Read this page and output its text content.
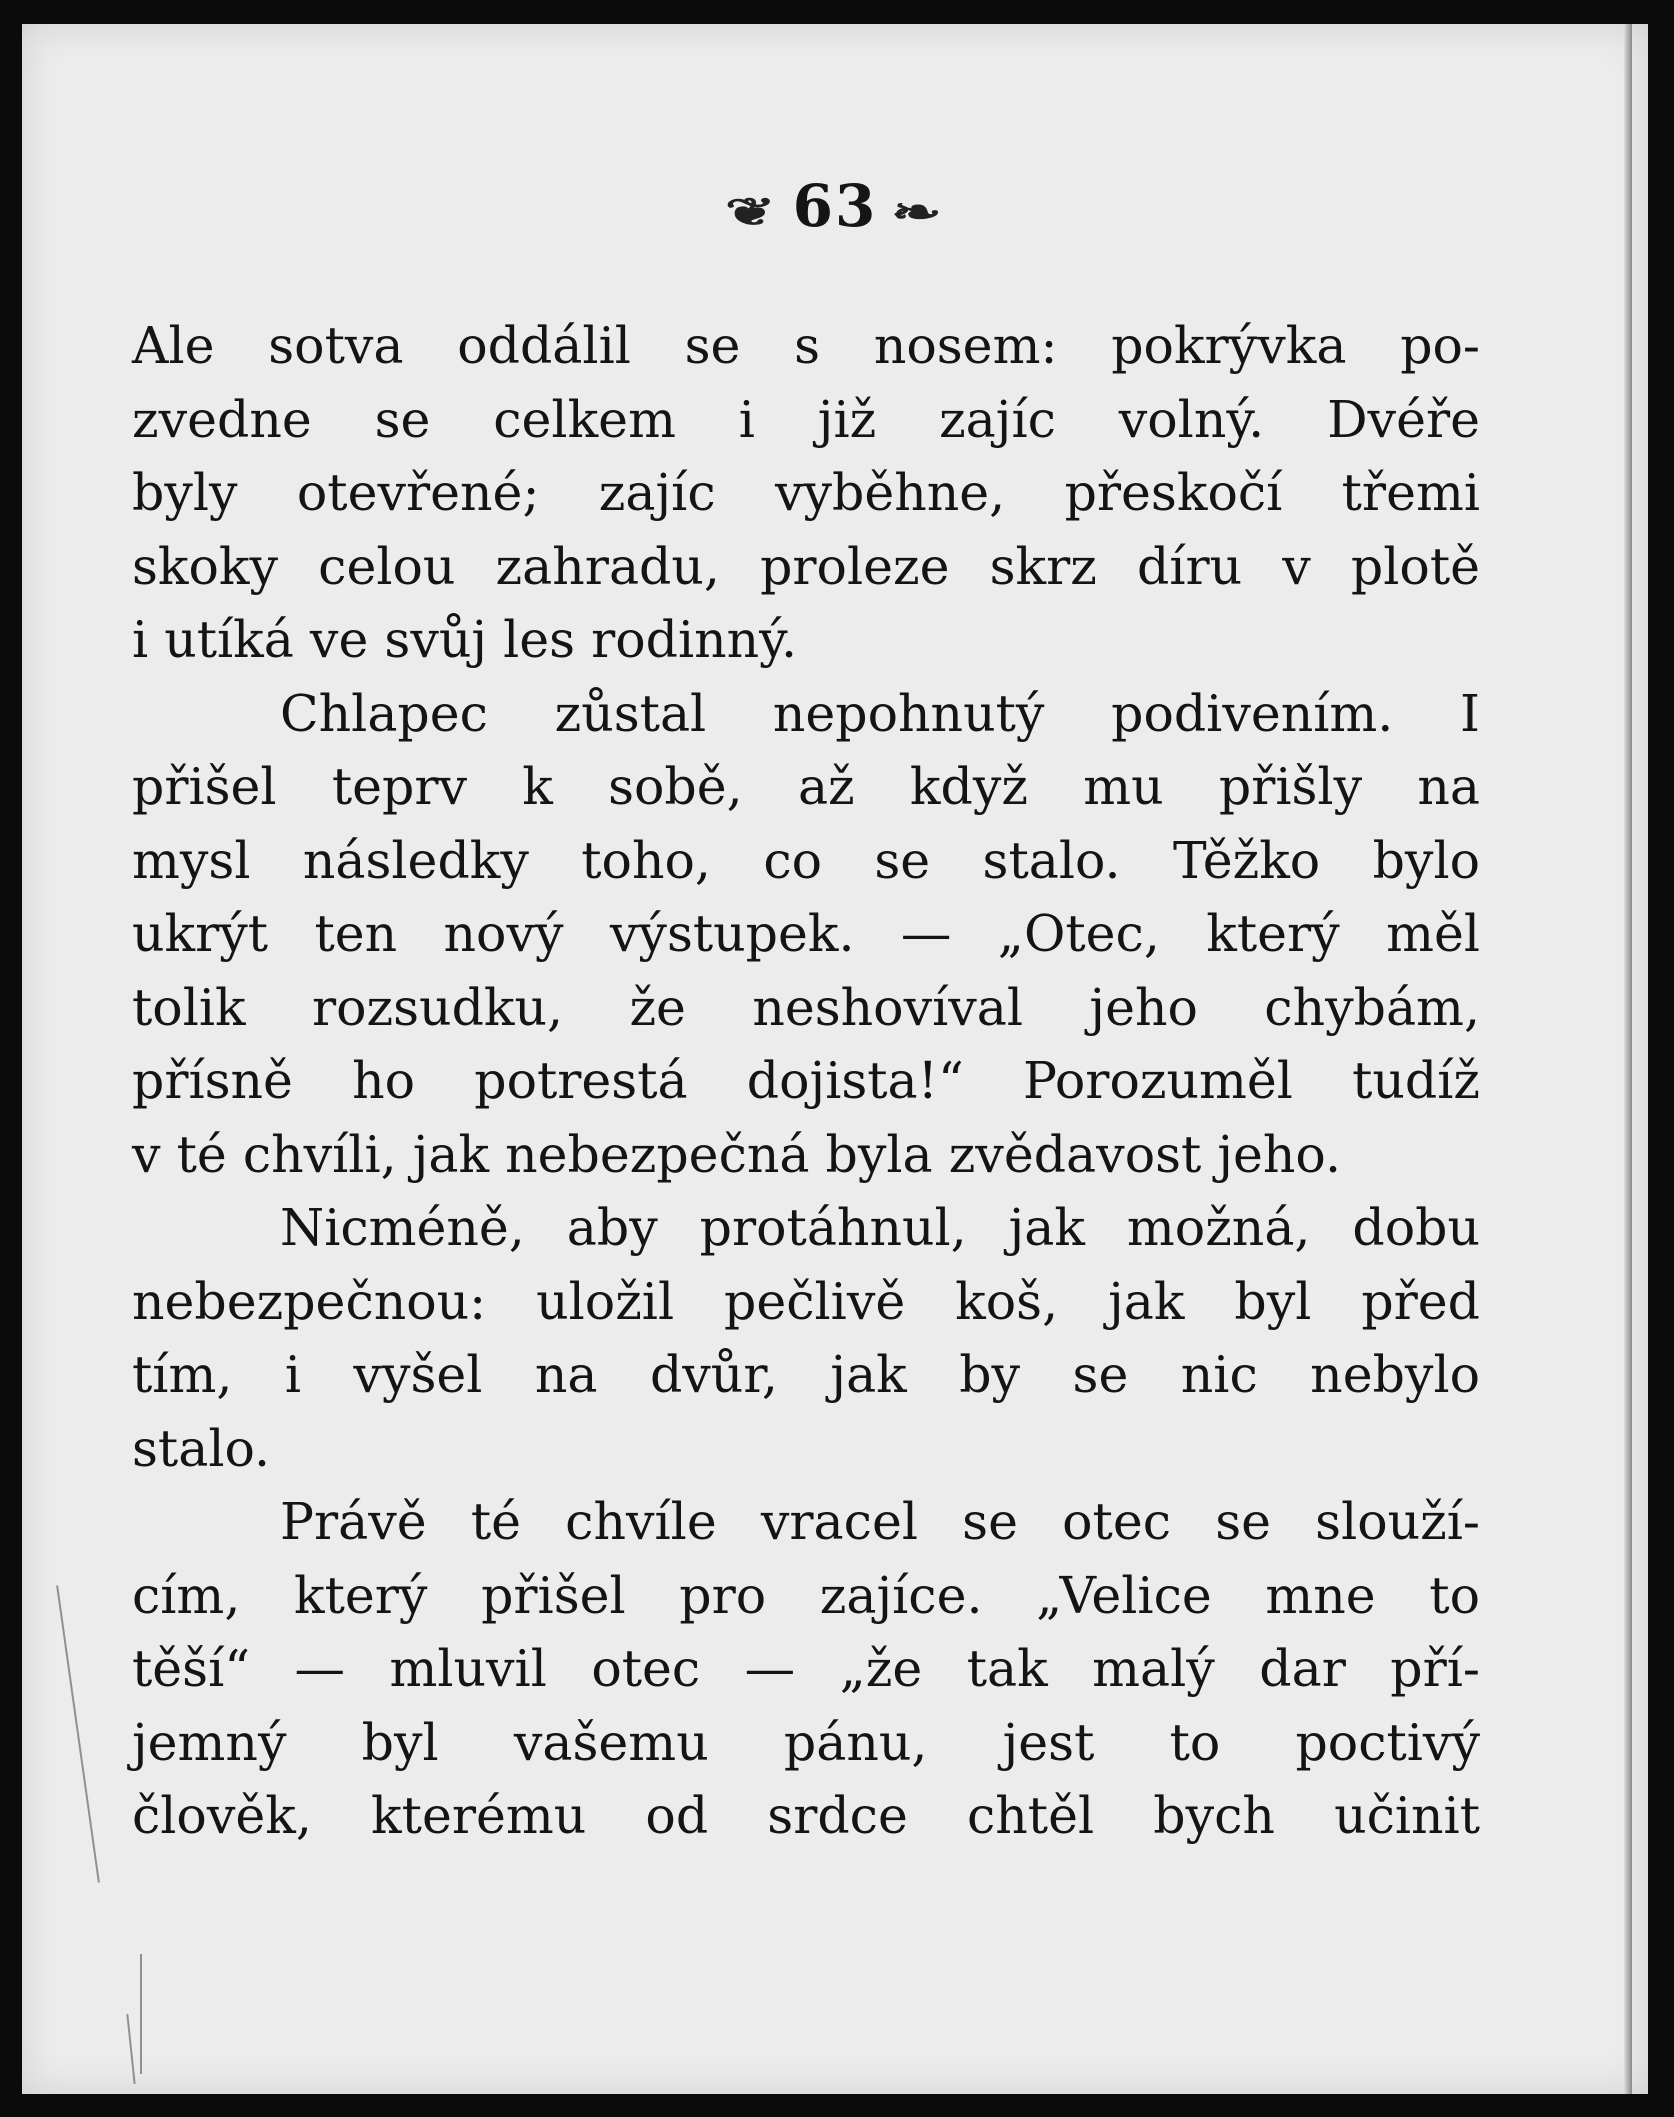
❦ 63 ❧

Ale sotva oddálil se s nosem: pokrývka po-

zvedne se celkem i již zajíc volný. Dvéře

byly otevřené; zajíc vyběhne, přeskočí třemi

skoky celou zahradu, proleze skrz díru v plotě

i utíká ve svůj les rodinný.

Chlapec zůstal nepohnutý podivením. I

přišel teprv k sobě, až když mu přišly na

mysl následky toho, co se stalo. Těžko bylo

ukrýt ten nový výstupek. — „Otec, který měl

tolik rozsudku, že neshovíval jeho chybám,

přísně ho potrestá dojista!“ Porozuměl tudíž

v té chvíli, jak nebezpečná byla zvědavost jeho.

Nicméně, aby protáhnul, jak možná, dobu

nebezpečnou: uložil pečlivě koš, jak byl před

tím, i vyšel na dvůr, jak by se nic nebylo

stalo.

Právě té chvíle vracel se otec se slouží-

cím, který přišel pro zajíce. „Velice mne to

těší“ — mluvil otec — „že tak malý dar pří-

jemný byl vašemu pánu, jest to poctivý

člověk, kterému od srdce chtěl bych učinit
